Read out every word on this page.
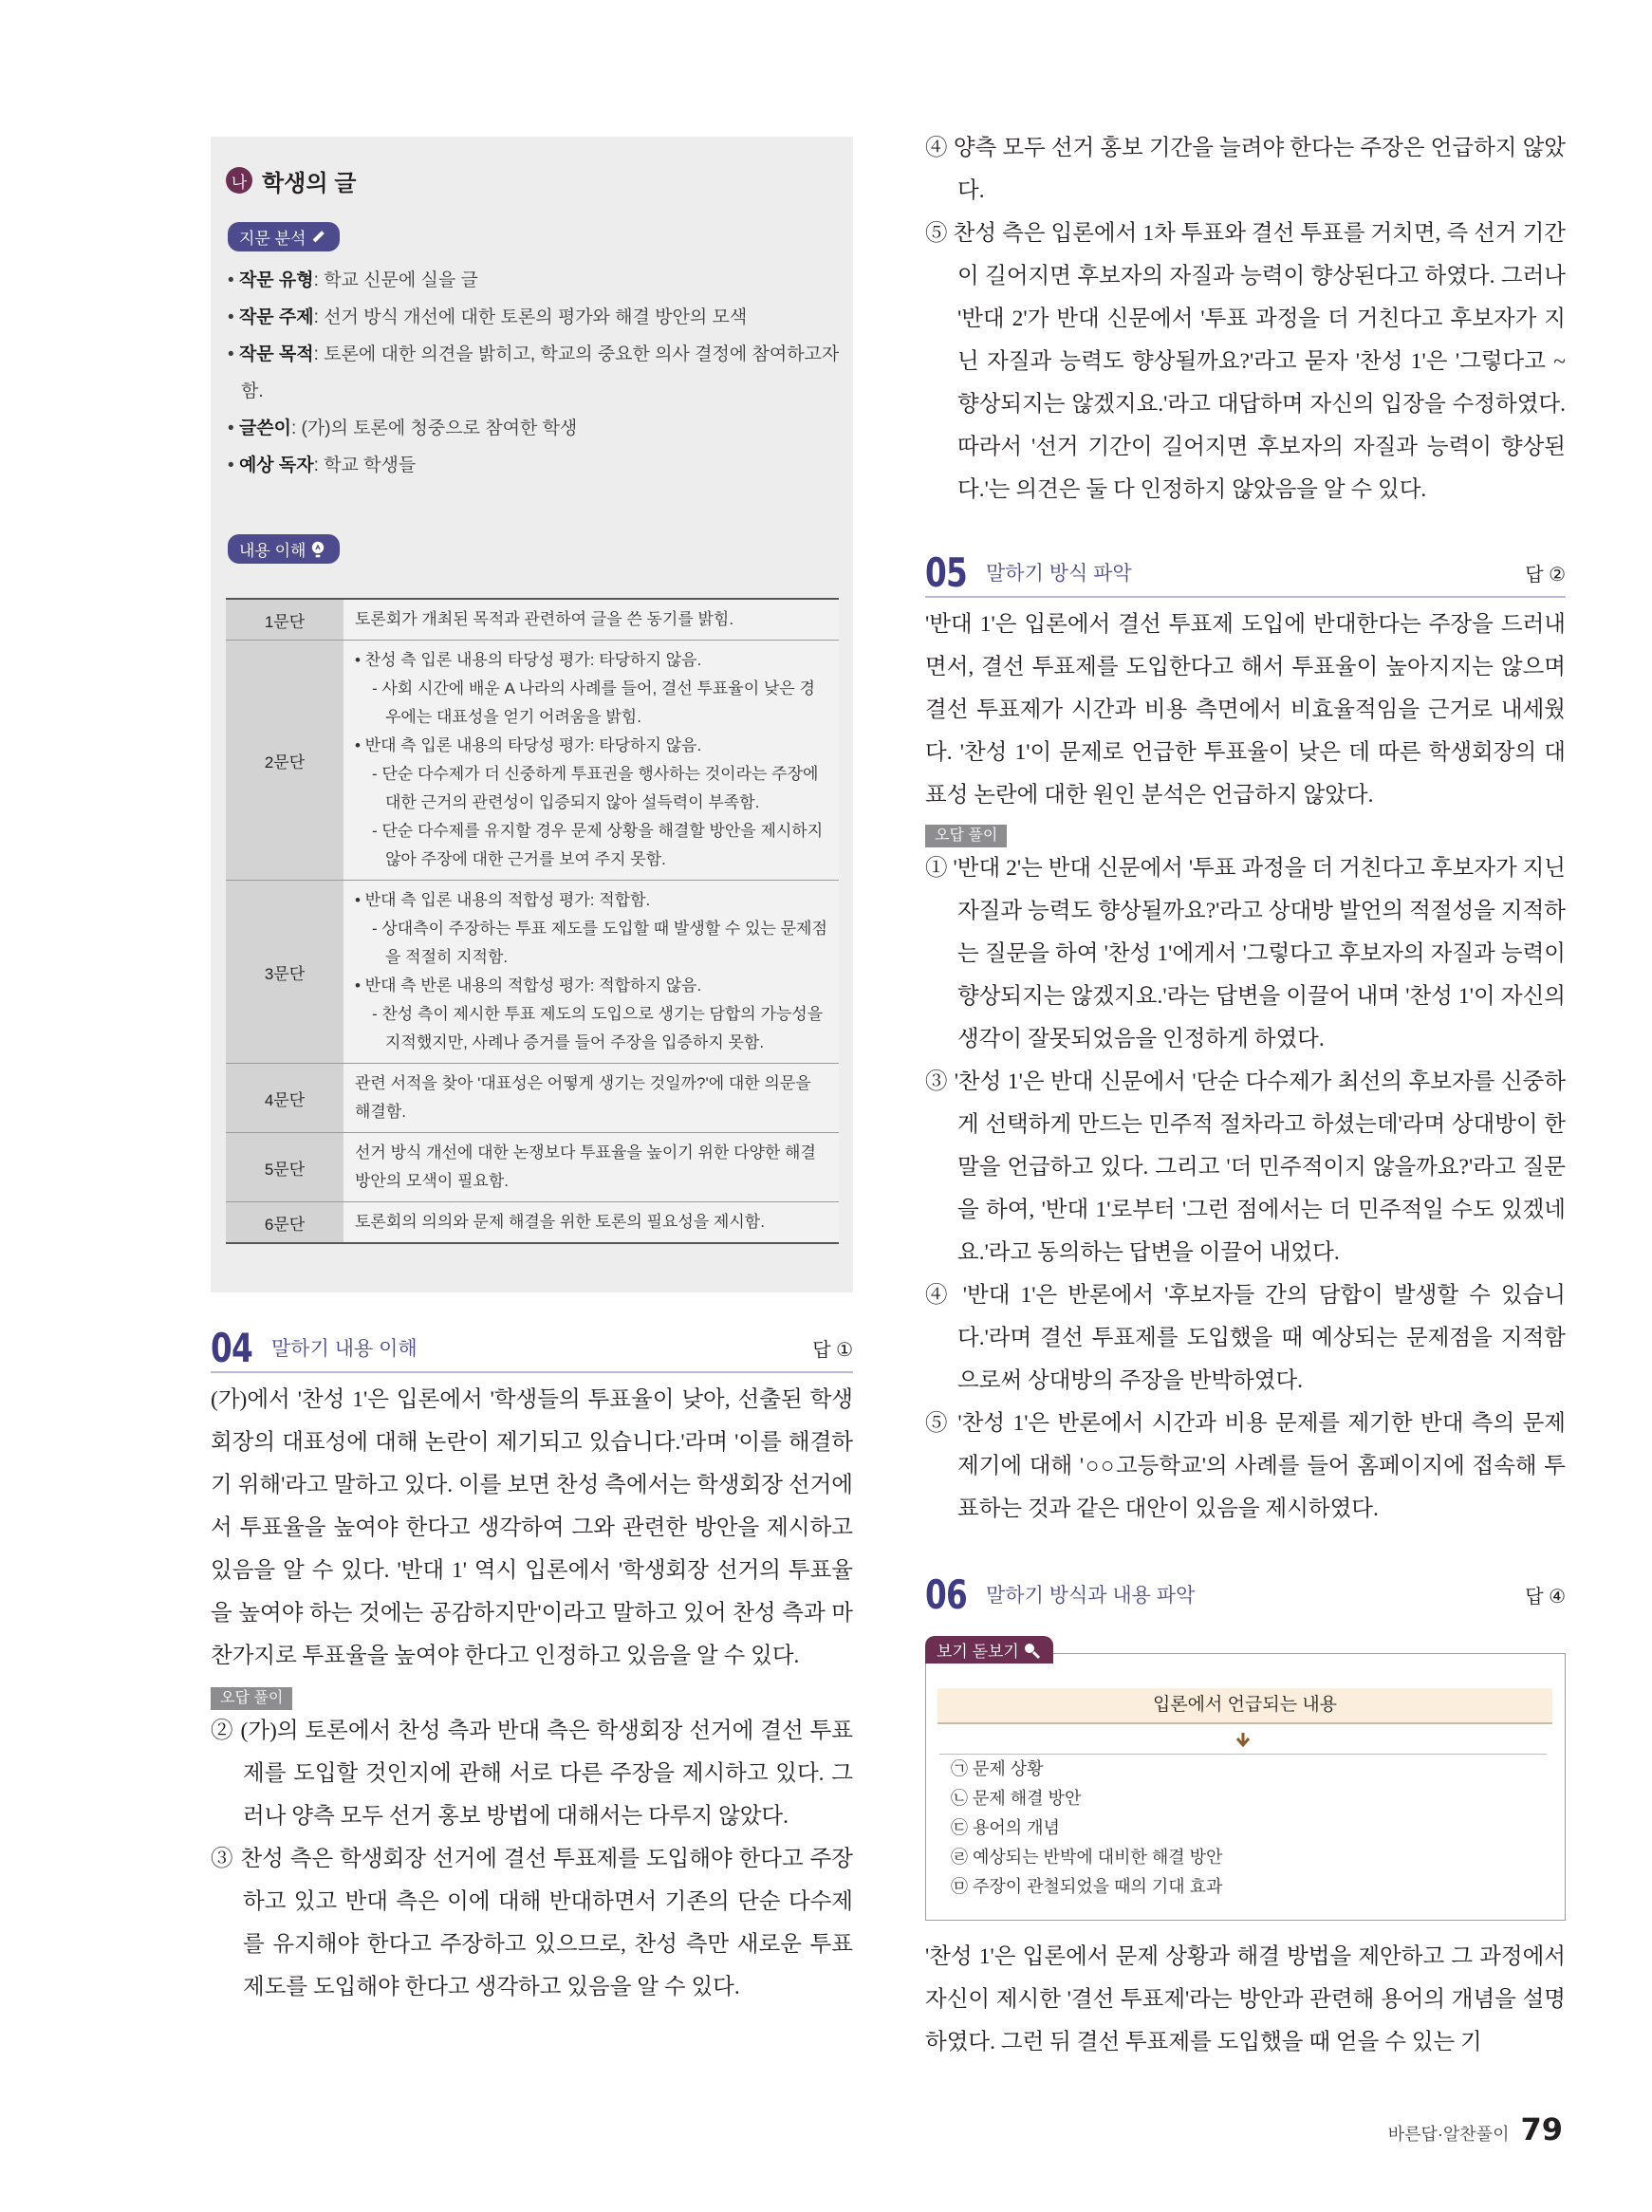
나 학생의 글
지문 분석
• 작문 유형: 학교 신문에 실을 글
• 작문 주제: 선거 방식 개선에 대한 토론의 평가와 해결 방안의 모색
• 작문 목적: 토론에 대한 의견을 밝히고, 학교의 중요한 의사 결정에 참여하고자 함.
• 글쓴이: (가)의 토론에 청중으로 참여한 학생
• 예상 독자: 학교 학생들
내용 이해
1문단	토론회가 개최된 목적과 관련하여 글을 쓴 동기를 밝힘.

2문단	• 찬성 측 입론 내용의 타당성 평가: 타당하지 않음.
- 사회 시간에 배운 A 나라의 사례를 들어, 결선 투표율이 낮은 경우에는 대표성을 얻기 어려움을 밝힘.
• 반대 측 입론 내용의 타당성 평가: 타당하지 않음.
- 단순 다수제가 더 신중하게 투표권을 행사하는 것이라는 주장에 대한 근거의 관련성이 입증되지 않아 설득력이 부족함.
- 단순 다수제를 유지할 경우 문제 상황을 해결할 방안을 제시하지 않아 주장에 대한 근거를 보여 주지 못함.

3문단	• 반대 측 입론 내용의 적합성 평가: 적합함.
- 상대측이 주장하는 투표 제도를 도입할 때 발생할 수 있는 문제점을 적절히 지적함.
• 반대 측 반론 내용의 적합성 평가: 적합하지 않음.
- 찬성 측이 제시한 투표 제도의 도입으로 생기는 담합의 가능성을 지적했지만, 사례나 증거를 들어 주장을 입증하지 못함.

4문단	관련 서적을 찾아 '대표성은 어떻게 생기는 것일까?'에 대한 의문을 해결함.

5문단	선거 방식 개선에 대한 논쟁보다 투표율을 높이기 위한 다양한 해결 방안의 모색이 필요함.

6문단	토론회의 의의와 문제 해결을 위한 토론의 필요성을 제시함.
04 말하기 내용 이해	답 ①

(가)에서 '찬성 1'은 입론에서 '학생들의 투표율이 낮아, 선출된 학생회장의 대표성에 대해 논란이 제기되고 있습니다.'라며 '이를 해결하기 위해'라고 말하고 있다. 이를 보면 찬성 측에서는 학생회장 선거에서 투표율을 높여야 한다고 생각하여 그와 관련한 방안을 제시하고 있음을 알 수 있다. '반대 1' 역시 입론에서 '학생회장 선거의 투표율을 높여야 하는 것에는 공감하지만'이라고 말하고 있어 찬성 측과 마찬가지로 투표율을 높여야 한다고 인정하고 있음을 알 수 있다.

오답 풀이

② (가)의 토론에서 찬성 측과 반대 측은 학생회장 선거에 결선 투표제를 도입할 것인지에 관해 서로 다른 주장을 제시하고 있다. 그러나 양측 모두 선거 홍보 방법에 대해서는 다루지 않았다.

③ 찬성 측은 학생회장 선거에 결선 투표제를 도입해야 한다고 주장하고 있고 반대 측은 이에 대해 반대하면서 기존의 단순 다수제를 유지해야 한다고 주장하고 있으므로, 찬성 측만 새로운 투표 제도를 도입해야 한다고 생각하고 있음을 알 수 있다.

④ 양측 모두 선거 홍보 기간을 늘려야 한다는 주장은 언급하지 않았다.

⑤ 찬성 측은 입론에서 1차 투표와 결선 투표를 거치면, 즉 선거 기간이 길어지면 후보자의 자질과 능력이 향상된다고 하였다. 그러나 '반대 2'가 반대 신문에서 '투표 과정을 더 거친다고 후보자가 지닌 자질과 능력도 향상될까요?'라고 묻자 '찬성 1'은 '그렇다고 ~ 향상되지는 않겠지요.'라고 대답하며 자신의 입장을 수정하였다. 따라서 '선거 기간이 길어지면 후보자의 자질과 능력이 향상된다.'는 의견은 둘 다 인정하지 않았음을 알 수 있다.

05 말하기 방식 파악	답 ②

'반대 1'은 입론에서 결선 투표제 도입에 반대한다는 주장을 드러내면서, 결선 투표제를 도입한다고 해서 투표율이 높아지지는 않으며 결선 투표제가 시간과 비용 측면에서 비효율적임을 근거로 내세웠다. '찬성 1'이 문제로 언급한 투표율이 낮은 데 따른 학생회장의 대표성 논란에 대한 원인 분석은 언급하지 않았다.

오답 풀이

① '반대 2'는 반대 신문에서 '투표 과정을 더 거친다고 후보자가 지닌 자질과 능력도 향상될까요?'라고 상대방 발언의 적절성을 지적하는 질문을 하여 '찬성 1'에게서 '그렇다고 후보자의 자질과 능력이 향상되지는 않겠지요.'라는 답변을 이끌어 내며 '찬성 1'이 자신의 생각이 잘못되었음을 인정하게 하였다.

③ '찬성 1'은 반대 신문에서 '단순 다수제가 최선의 후보자를 신중하게 선택하게 만드는 민주적 절차라고 하셨는데'라며 상대방이 한 말을 언급하고 있다. 그리고 '더 민주적이지 않을까요?'라고 질문을 하여, '반대 1'로부터 '그런 점에서는 더 민주적일 수도 있겠네요.'라고 동의하는 답변을 이끌어 내었다.

④ '반대 1'은 반론에서 '후보자들 간의 담합이 발생할 수 있습니다.'라며 결선 투표제를 도입했을 때 예상되는 문제점을 지적함으로써 상대방의 주장을 반박하였다.

⑤ '찬성 1'은 반론에서 시간과 비용 문제를 제기한 반대 측의 문제 제기에 대해 '○○고등학교'의 사례를 들어 홈페이지에 접속해 투표하는 것과 같은 대안이 있음을 제시하였다.

06 말하기 방식과 내용 파악	답 ④
보기 돋보기
입론에서 언급되는 내용
㉠ 문제 상황
㉡ 문제 해결 방안
㉢ 용어의 개념
㉣ 예상되는 반박에 대비한 해결 방안
㉤ 주장이 관철되었을 때의 기대 효과

'찬성 1'은 입론에서 문제 상황과 해결 방법을 제안하고 그 과정에서 자신이 제시한 '결선 투표제'라는 방안과 관련해 용어의 개념을 설명하였다. 그런 뒤 결선 투표제를 도입했을 때 얻을 수 있는 기

바른답·알찬풀이 79
